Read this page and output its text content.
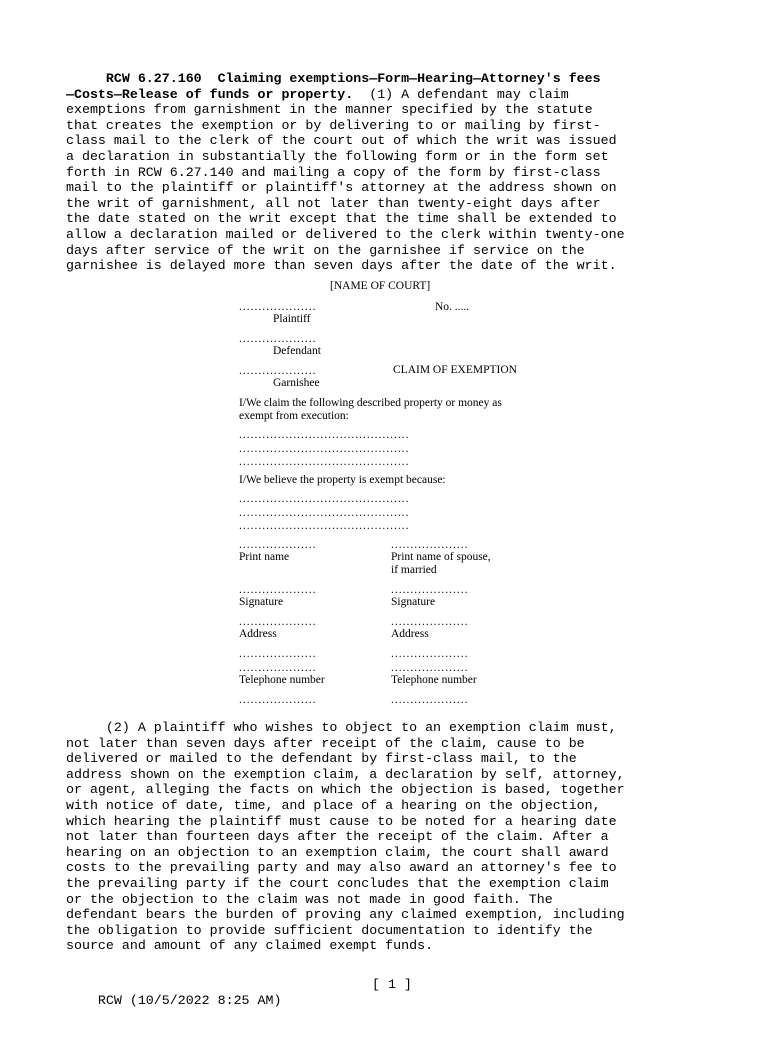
RCW 6.27.160  Claiming exemptions—Form—Hearing—Attorney's fees
—Costs—Release of funds or property.  (1) A defendant may claim
exemptions from garnishment in the manner specified by the statute
that creates the exemption or by delivering to or mailing by first-
class mail to the clerk of the court out of which the writ was issued
a declaration in substantially the following form or in the form set
forth in RCW 6.27.140 and mailing a copy of the form by first-class
mail to the plaintiff or plaintiff's attorney at the address shown on
the writ of garnishment, all not later than twenty-eight days after
the date stated on the writ except that the time shall be extended to
allow a declaration mailed or delivered to the clerk within twenty-one
days after service of the writ on the garnishee if service on the
garnishee is delayed more than seven days after the date of the writ.
[NAME OF COURT]
....................	No. .....
Plaintiff
....................
Defendant
....................	CLAIM OF EXEMPTION
Garnishee
I/We claim the following described property or money as
exempt from execution:
............................................
............................................
............................................
I/We believe the property is exempt because:
............................................
............................................
............................................
....................	....................
Print name	Print name of spouse,
if married
....................	....................
Signature	Signature
....................	....................
Address	Address
....................	....................
....................	....................
Telephone number	Telephone number
....................	....................
(2) A plaintiff who wishes to object to an exemption claim must,
not later than seven days after receipt of the claim, cause to be
delivered or mailed to the defendant by first-class mail, to the
address shown on the exemption claim, a declaration by self, attorney,
or agent, alleging the facts on which the objection is based, together
with notice of date, time, and place of a hearing on the objection,
which hearing the plaintiff must cause to be noted for a hearing date
not later than fourteen days after the receipt of the claim. After a
hearing on an objection to an exemption claim, the court shall award
costs to the prevailing party and may also award an attorney's fee to
the prevailing party if the court concludes that the exemption claim
or the objection to the claim was not made in good faith. The
defendant bears the burden of proving any claimed exemption, including
the obligation to provide sufficient documentation to identify the
source and amount of any claimed exempt funds.

RCW (10/5/2022 8:25 AM)

[ 1 ]
